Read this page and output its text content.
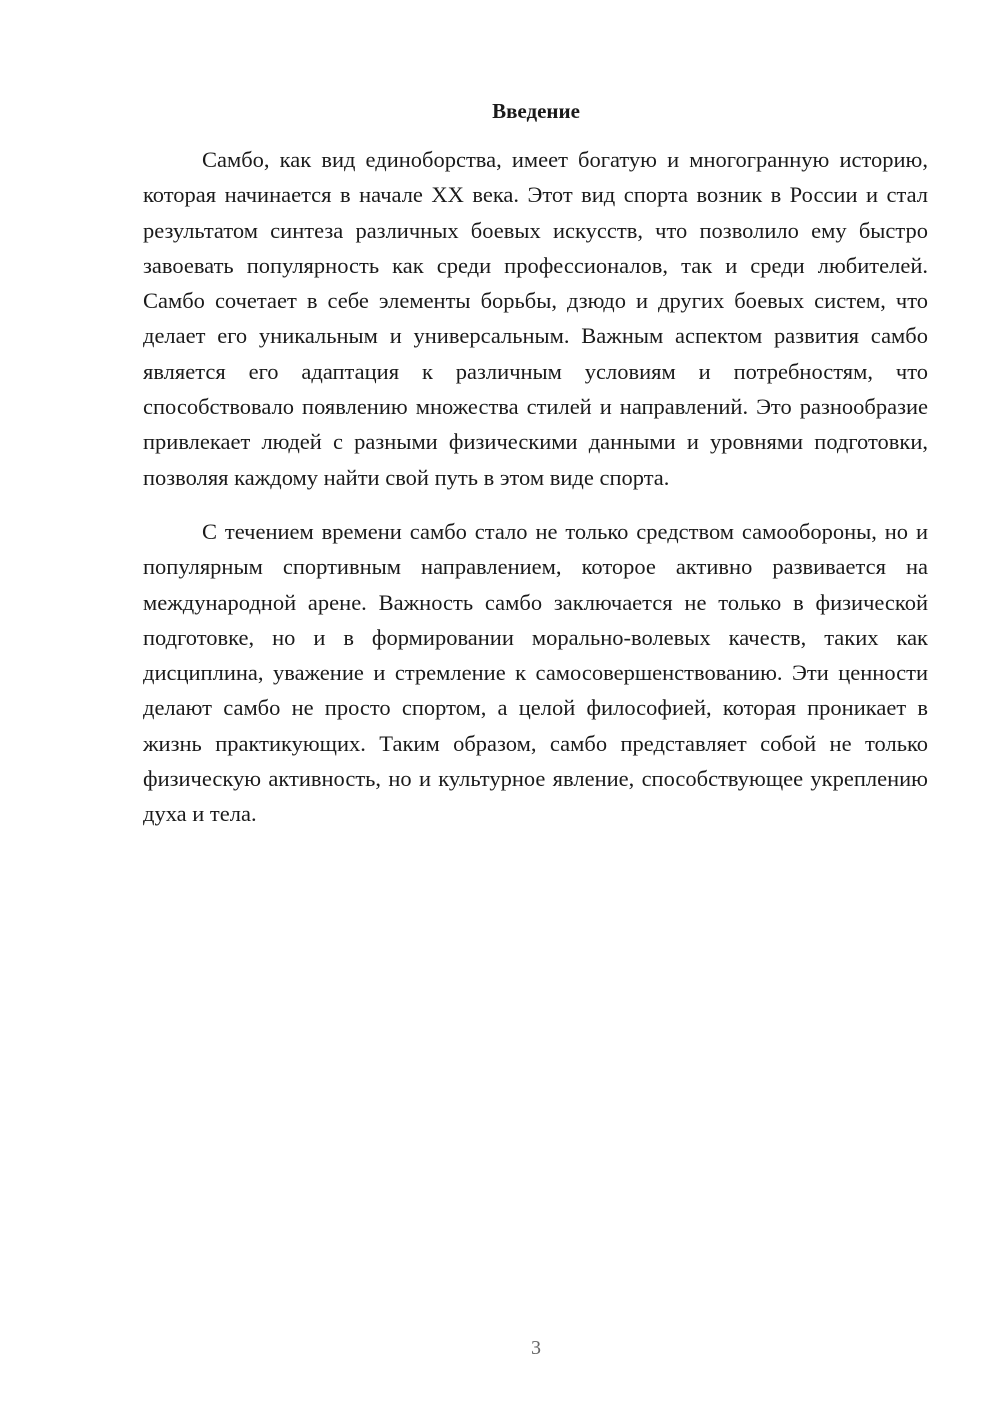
Введение

Самбо, как вид единоборства, имеет богатую и многогранную историю, которая начинается в начале XX века. Этот вид спорта возник в России и стал результатом синтеза различных боевых искусств, что позволило ему быстро завоевать популярность как среди профессионалов, так и среди любителей. Самбо сочетает в себе элементы борьбы, дзюдо и других боевых систем, что делает его уникальным и универсальным. Важным аспектом развития самбо является его адаптация к различным условиям и потребностям, что способствовало появлению множества стилей и направлений. Это разнообразие привлекает людей с разными физическими данными и уровнями подготовки, позволяя каждому найти свой путь в этом виде спорта.

С течением времени самбо стало не только средством самообороны, но и популярным спортивным направлением, которое активно развивается на международной арене. Важность самбо заключается не только в физической подготовке, но и в формировании морально-волевых качеств, таких как дисциплина, уважение и стремление к самосовершенствованию. Эти ценности делают самбо не просто спортом, а целой философией, которая проникает в жизнь практикующих. Таким образом, самбо представляет собой не только физическую активность, но и культурное явление, способствующее укреплению духа и тела.

3
